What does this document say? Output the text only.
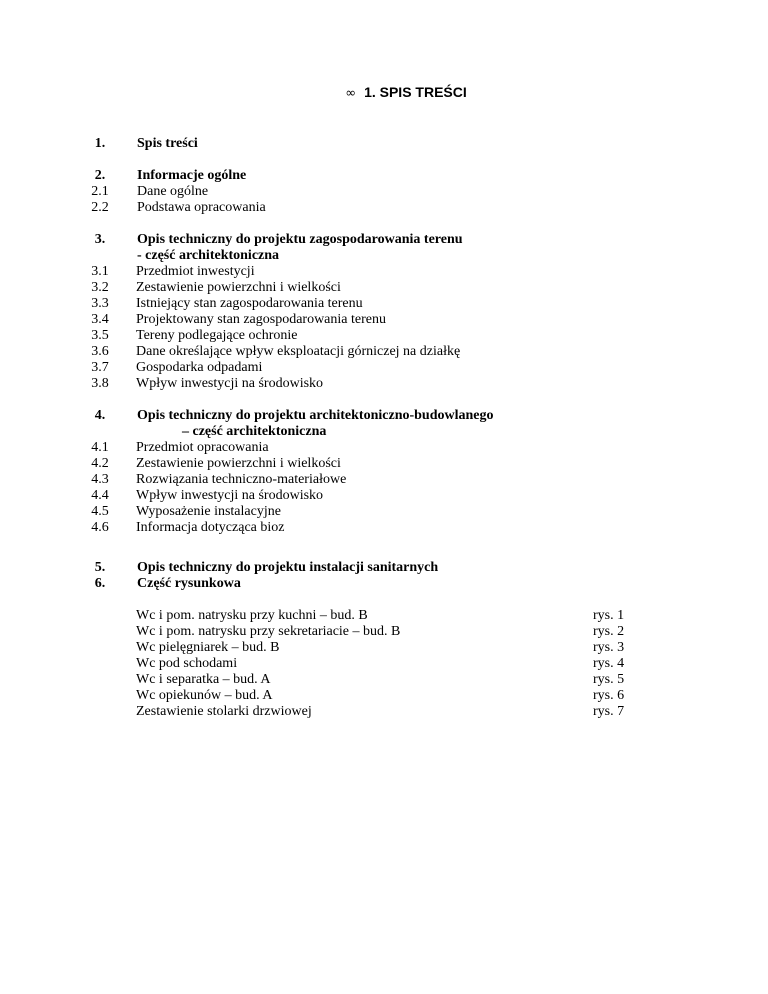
∞ 1. SPIS TREŚCI
1.	Spis treści
2.	Informacje ogólne
2.1	Dane ogólne
2.2	Podstawa opracowania
3.	Opis techniczny do projektu zagospodarowania terenu
- część architektoniczna
3.1	Przedmiot inwestycji
3.2	Zestawienie powierzchni i wielkości
3.3	Istniejący stan zagospodarowania terenu
3.4	Projektowany stan zagospodarowania terenu
3.5	Tereny podlegające ochronie
3.6	Dane określające wpływ eksploatacji górniczej na działkę
3.7	Gospodarka odpadami
3.8	Wpływ inwestycji na środowisko
4.	Opis techniczny do projektu architektoniczno-budowlanego
– część architektoniczna
4.1	Przedmiot opracowania
4.2	Zestawienie powierzchni i wielkości
4.3	Rozwiązania techniczno-materiałowe
4.4	Wpływ inwestycji na środowisko
4.5	Wyposażenie instalacyjne
4.6	Informacja dotycząca bioz
5.	Opis techniczny do projektu instalacji sanitarnych
6.	Część rysunkowa
Wc i pom. natrysku przy kuchni – bud. B	rys. 1
Wc i pom. natrysku przy sekretariacie – bud. B	rys. 2
Wc pielęgniarek – bud. B	rys. 3
Wc pod schodami	rys. 4
Wc i separatka – bud. A	rys. 5
Wc opiekunów – bud. A	rys. 6
Zestawienie stolarki drzwiowej	rys. 7
